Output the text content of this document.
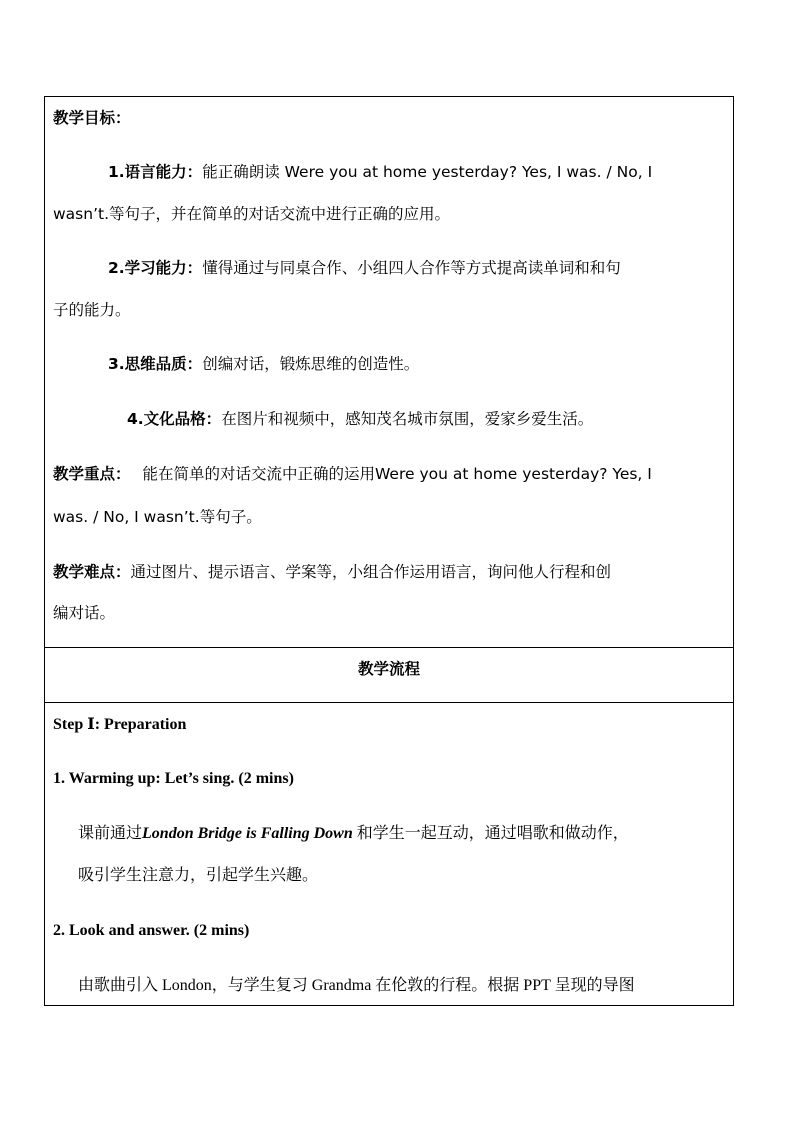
教学目标：
1.语言能力：能正确朗读 Were you at home yesterday? Yes, I was. / No, I
wasn’t.等句子，并在简单的对话交流中进行正确的应用。
2.学习能力：懂得通过与同桌合作、小组四人合作等方式提高读单词和和句
子的能力。
3.思维品质：创编对话，锻炼思维的创造性。
4.文化品格：在图片和视频中，感知茂名城市氛围，爱家乡爱生活。
教学重点： 能在简单的对话交流中正确的运用Were you at home yesterday? Yes, I
was. / No, I wasn’t.等句子。
教学难点：通过图片、提示语言、学案等，小组合作运用语言，询问他人行程和创
编对话。
教学流程
Step Ⅰ: Preparation
1. Warming up: Let’s sing. (2 mins)
课前通过London Bridge is Falling Down 和学生一起互动，通过唱歌和做动作，
吸引学生注意力，引起学生兴趣。
2. Look and answer. (2 mins)
由歌曲引入 London，与学生复习 Grandma 在伦敦的行程。根据 PPT 呈现的导图
